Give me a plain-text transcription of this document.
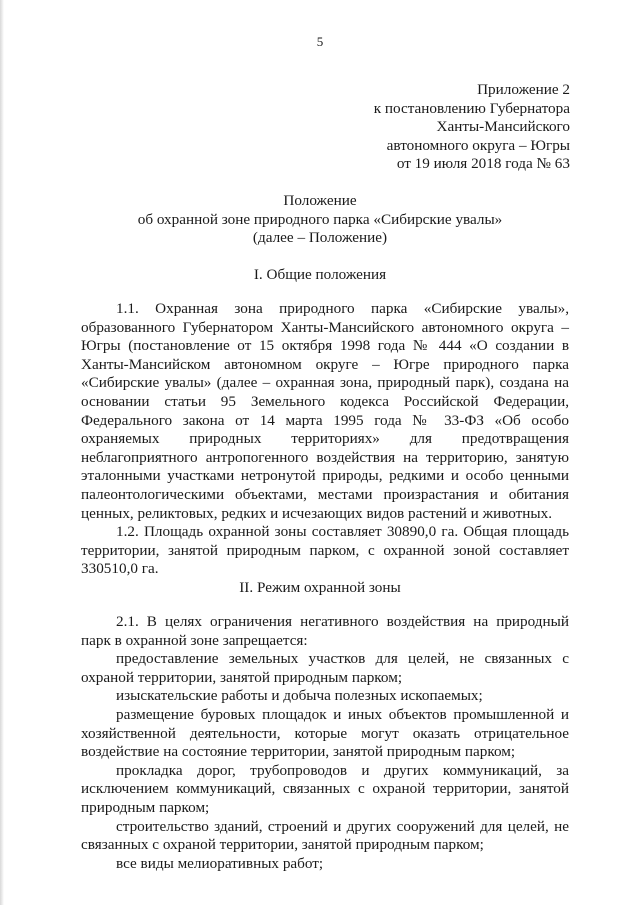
5
Приложение 2
к постановлению Губернатора
Ханты-Мансийского
автономного округа – Югры
от 19 июля 2018 года № 63
Положение
об охранной зоне природного парка «Сибирские увалы»
(далее – Положение)
I. Общие положения

1.1. Охранная зона природного парка «Сибирские увалы», образованного Губернатором Ханты-Мансийского автономного округа – Югры (постановление от 15 октября 1998 года № 444 «О создании в Ханты-Мансийском автономном округе – Югре природного парка «Сибирские увалы» (далее – охранная зона, природный парк), создана на основании статьи 95 Земельного кодекса Российской Федерации, Федерального закона от 14 марта 1995 года № 33-ФЗ «Об особо охраняемых природных территориях» для предотвращения неблагоприятного антропогенного воздействия на территорию, занятую эталонными участками нетронутой природы, редкими и особо ценными палеонтологическими объектами, местами произрастания и обитания ценных, реликтовых, редких и исчезающих видов растений и животных.

1.2. Площадь охранной зоны составляет 30890,0 га. Общая площадь территории, занятой природным парком, с охранной зоной составляет 330510,0 га.

II. Режим охранной зоны

2.1. В целях ограничения негативного воздействия на природный парк в охранной зоне запрещается:

предоставление земельных участков для целей, не связанных с охраной территории, занятой природным парком;

изыскательские работы и добыча полезных ископаемых;

размещение буровых площадок и иных объектов промышленной и хозяйственной деятельности, которые могут оказать отрицательное воздействие на состояние территории, занятой природным парком;

прокладка дорог, трубопроводов и других коммуникаций, за исключением коммуникаций, связанных с охраной территории, занятой природным парком;

строительство зданий, строений и других сооружений для целей, не связанных с охраной территории, занятой природным парком;

все виды мелиоративных работ;
